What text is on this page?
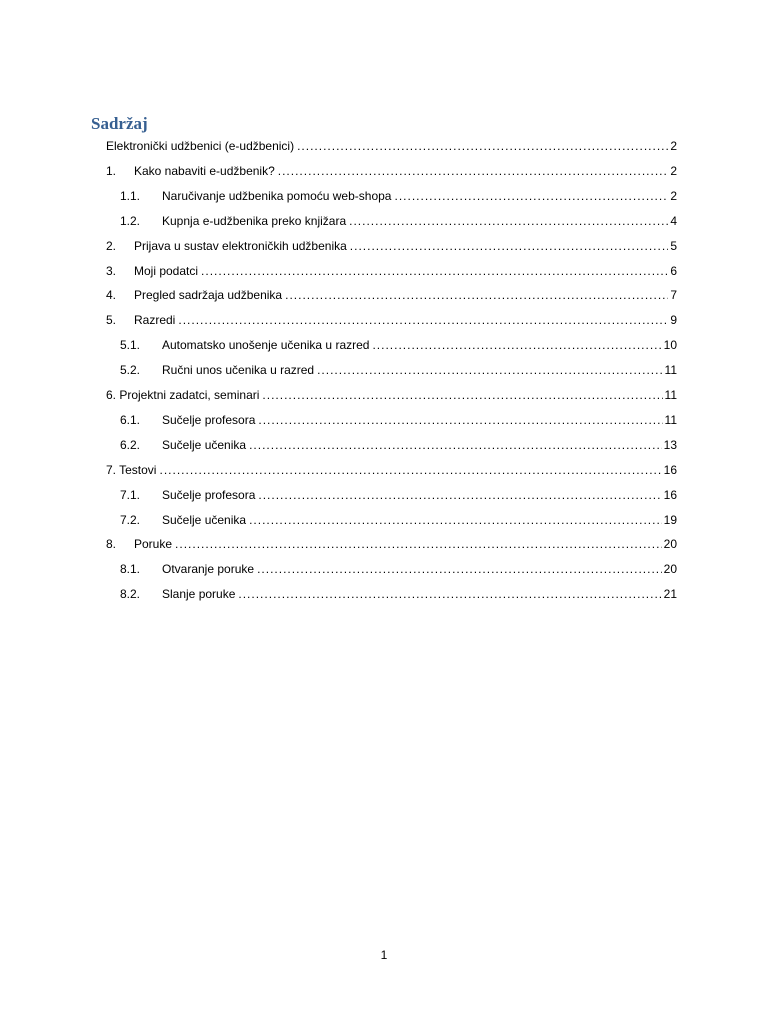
Sadržaj
Elektronički udžbenici (e-udžbenici) .....	2
1.	Kako nabaviti e-udžbenik? .....	2
1.1.	Naručivanje udžbenika pomoću web-shopa .....	2
1.2.	Kupnja e-udžbenika preko knjižara .....	4
2.	Prijava u sustav elektroničkih udžbenika .....	5
3.	Moji podatci .....	6
4.	Pregled sadržaja udžbenika .....	7
5.	Razredi .....	9
5.1.	Automatsko unošenje učenika u razred .....	10
5.2.	Ručni unos učenika u razred .....	11
6. Projektni zadatci, seminari .....	11
6.1.	Sučelje profesora .....	11
6.2.	Sučelje učenika .....	13
7. Testovi .....	16
7.1.	Sučelje profesora .....	16
7.2.	Sučelje učenika .....	19
8.	Poruke .....	20
8.1.	Otvaranje poruke .....	20
8.2.	Slanje poruke .....	21
1
